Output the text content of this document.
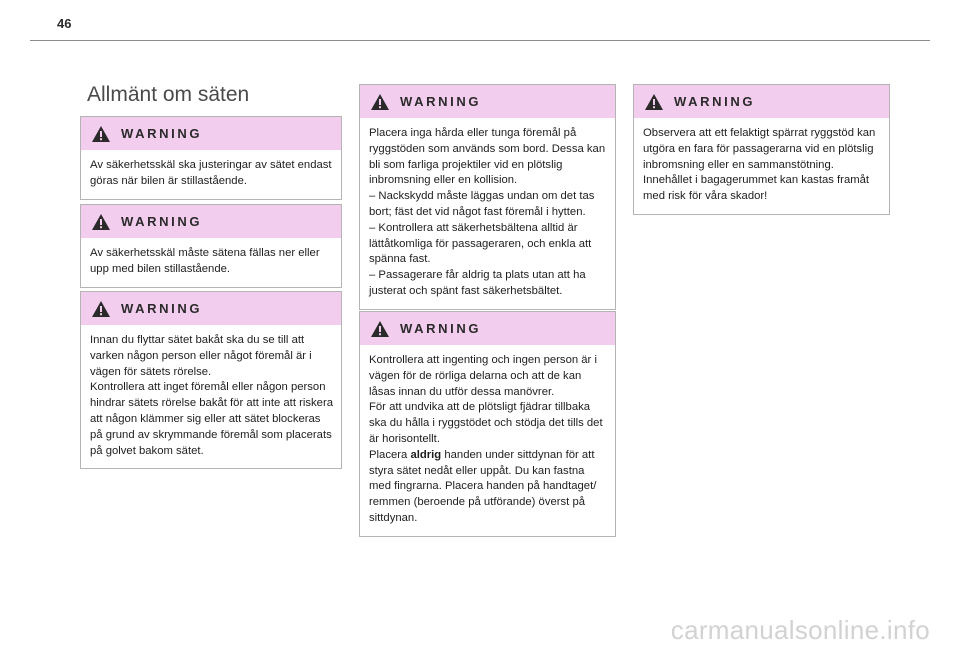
46
Allmänt om säten
WARNING

Av säkerhetsskäl ska justeringar av sätet endast göras när bilen är stillastående.

WARNING

Av säkerhetsskäl måste sätena fällas ner eller upp med bilen stillastående.

WARNING

Innan du flyttar sätet bakåt ska du se till att varken någon person eller något föremål är i vägen för sätets rörelse.

Kontrollera att inget föremål eller någon person hindrar sätets rörelse bakåt för att inte att riskera att någon klämmer sig eller att sätet blockeras på grund av skrymmande föremål som placerats på golvet bakom sätet.

WARNING

Placera inga hårda eller tunga föremål på ryggstöden som används som bord. Dessa kan bli som farliga projektiler vid en plötslig inbromsning eller en kollision.

– Nackskydd måste läggas undan om det tas bort; fäst det vid något fast föremål i hytten.

– Kontrollera att säkerhetsbältena alltid är lättåtkomliga för passageraren, och enkla att spänna fast.

– Passagerare får aldrig ta plats utan att ha justerat och spänt fast säkerhetsbältet.

WARNING

Kontrollera att ingenting och ingen person är i vägen för de rörliga delarna och att de kan låsas innan du utför dessa manövrer.

För att undvika att de plötsligt fjädrar tillbaka ska du hålla i ryggstödet och stödja det tills det är horisontellt.

Placera aldrig handen under sittdynan för att styra sätet nedåt eller uppåt. Du kan fastna med fingrarna. Placera handen på handtaget/ remmen (beroende på utförande) överst på sittdynan.

WARNING

Observera att ett felaktigt spärrat ryggstöd kan utgöra en fara för passagerarna vid en plötslig inbromsning eller en sammanstötning. Innehållet i bagagerummet kan kastas framåt med risk för våra skador!

carmanualsonline.info
